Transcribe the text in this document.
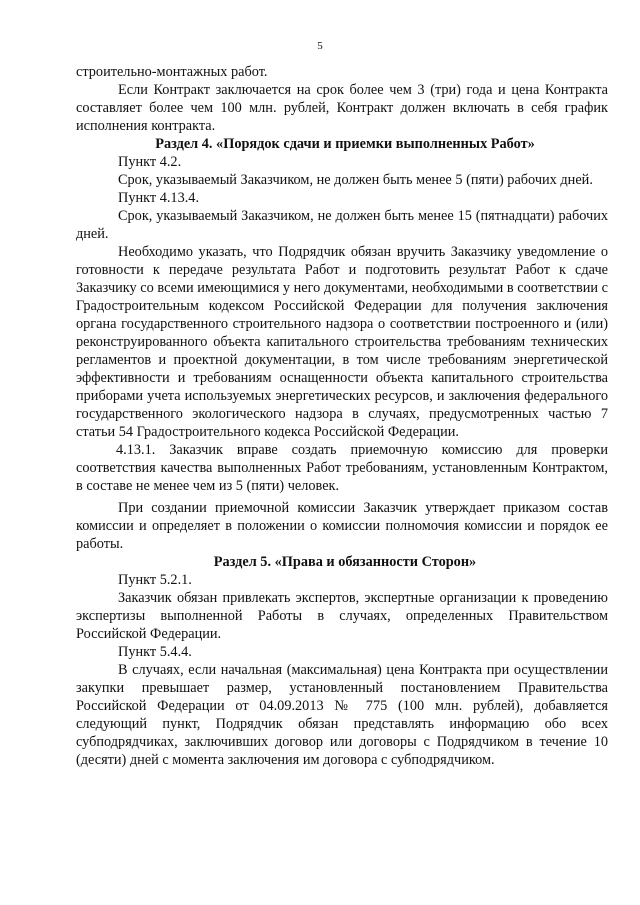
5

строительно-монтажных работ.

Если Контракт заключается на срок более чем 3 (три) года и цена Контракта составляет более чем 100 млн. рублей, Контракт должен включать в себя график исполнения контракта.

Раздел 4. «Порядок сдачи и приемки выполненных Работ»

Пункт 4.2.

Срок, указываемый Заказчиком, не должен быть менее 5 (пяти) рабочих дней.

Пункт 4.13.4.

Срок, указываемый Заказчиком, не должен быть менее 15 (пятнадцати) рабочих дней.

Необходимо указать, что Подрядчик обязан вручить Заказчику уведомление о готовности к передаче результата Работ и подготовить результат Работ к сдаче Заказчику со всеми имеющимися у него документами, необходимыми в соответствии с Градостроительным кодексом Российской Федерации для получения заключения органа государственного строительного надзора о соответствии построенного и (или) реконструированного объекта капитального строительства требованиям технических регламентов и проектной документации, в том числе требованиям энергетической эффективности и требованиям оснащенности объекта капитального строительства приборами учета используемых энергетических ресурсов, и заключения федерального государственного экологического надзора в случаях, предусмотренных частью 7 статьи 54 Градостроительного кодекса Российской Федерации.

4.13.1. Заказчик вправе создать приемочную комиссию для проверки соответствия качества выполненных Работ требованиям, установленным Контрактом, в составе не менее чем из 5 (пяти) человек.

При создании приемочной комиссии Заказчик утверждает приказом состав комиссии и определяет в положении о комиссии полномочия комиссии и порядок ее работы.

Раздел 5. «Права и обязанности Сторон»

Пункт 5.2.1.

Заказчик обязан привлекать экспертов, экспертные организации к проведению экспертизы выполненной Работы в случаях, определенных Правительством Российской Федерации.

Пункт 5.4.4.

В случаях, если начальная (максимальная) цена Контракта при осуществлении закупки превышает размер, установленный постановлением Правительства Российской Федерации от 04.09.2013 № 775 (100 млн. рублей), добавляется следующий пункт, Подрядчик обязан представлять информацию обо всех субподрядчиках, заключивших договор или договоры с Подрядчиком в течение 10 (десяти) дней с момента заключения им договора с субподрядчиком.
